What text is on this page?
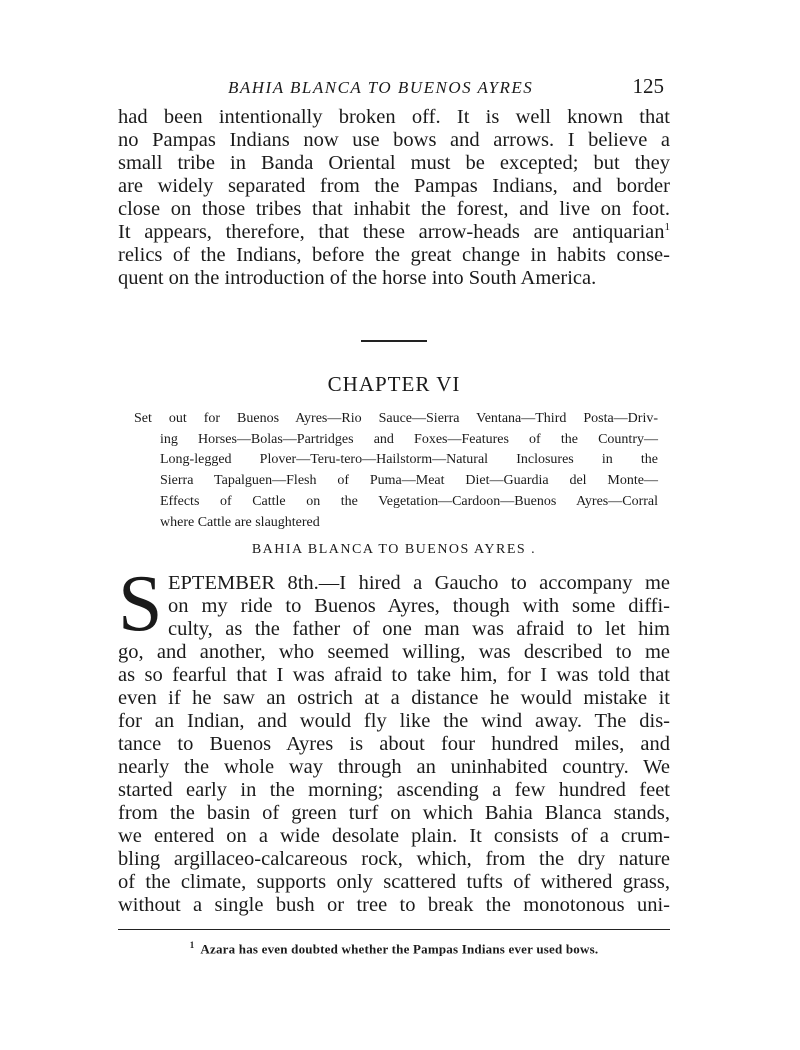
BAHIA BLANCA TO BUENOS AYRES	125

had been intentionally broken off. It is well known that
no Pampas Indians now use bows and arrows. I believe a
small tribe in Banda Oriental must be excepted; but they
are widely separated from the Pampas Indians, and border
close on those tribes that inhabit the forest, and live on foot.
It appears, therefore, that these arrow-heads are antiquarian$^1$
relics of the Indians, before the great change in habits conse-
quent on the introduction of the horse into South America.

CHAPTER VI
Set out for Buenos Ayres—Rio Sauce—Sierra Ventana—Third Posta—Driv-
ing Horses—Bolas—Partridges and Foxes—Features of the Country—
Long-legged Plover—Teru-tero—Hailstorm—Natural Inclosures in the
Sierra Tapalguen—Flesh of Puma—Meat Diet—Guardia del Monte—
Effects of Cattle on the Vegetation—Cardoon—Buenos Ayres—Corral
where Cattle are slaughtered
BAHIA BLANCA TO BUENOS AYRES .
S EPTEMBER 8th.—I hired a Gaucho to accompany me
on my ride to Buenos Ayres, though with some diffi-
culty, as the father of one man was afraid to let him
go, and another, who seemed willing, was described to me
as so fearful that I was afraid to take him, for I was told that
even if he saw an ostrich at a distance he would mistake it
for an Indian, and would fly like the wind away. The dis-
tance to Buenos Ayres is about four hundred miles, and
nearly the whole way through an uninhabited country. We
started early in the morning; ascending a few hundred feet
from the basin of green turf on which Bahia Blanca stands,
we entered on a wide desolate plain. It consists of a crum-
bling argillaceo-calcareous rock, which, from the dry nature
of the climate, supports only scattered tufts of withered grass,
without a single bush or tree to break the monotonous uni-
$^1$ Azara has even doubted whether the Pampas Indians ever used bows.
